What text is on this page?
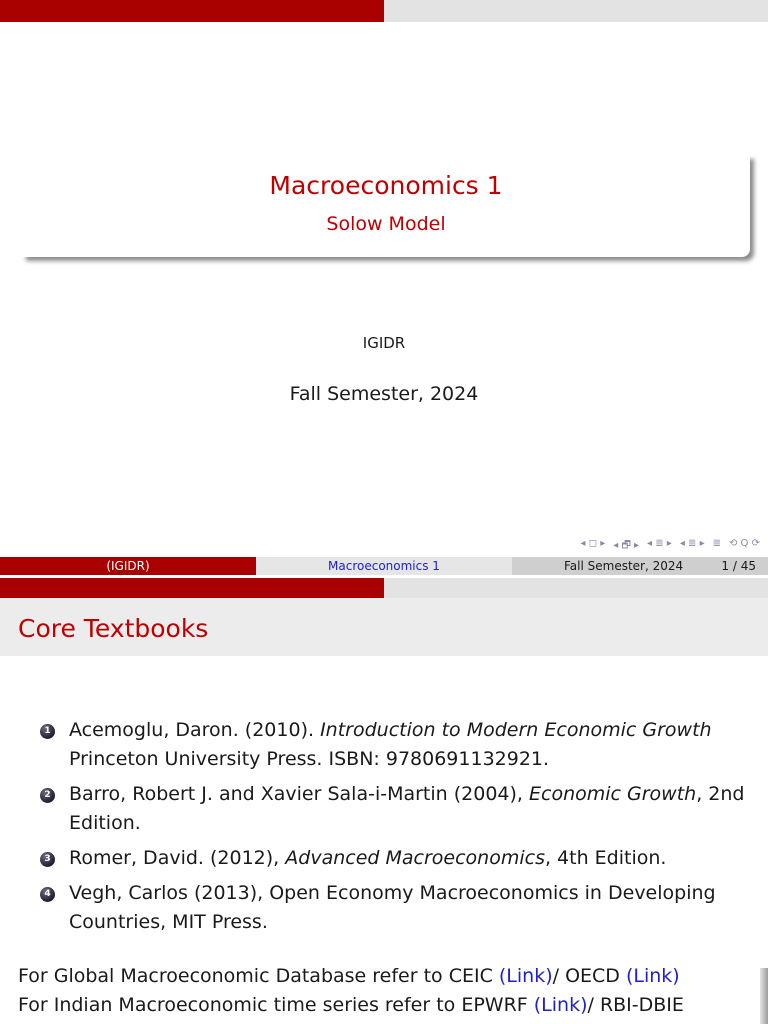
Macroeconomics 1
Solow Model
IGIDR
Fall Semester, 2024
◂ ◻ ▸ ◂ 🗗 ▸ ◂ ≣ ▸ ◂ ≣ ▸ ≣ ⟲ Q ⟳
(IGIDR)	Macroeconomics 1	Fall Semester, 2024	1 / 45
Core Textbooks
1 Acemoglu, Daron. (2010). Introduction to Modern Economic Growth Princeton University Press. ISBN: 9780691132921.
2 Barro, Robert J. and Xavier Sala-i-Martin (2004), Economic Growth, 2nd Edition.
3 Romer, David. (2012), Advanced Macroeconomics, 4th Edition.
4 Vegh, Carlos (2013), Open Economy Macroeconomics in Developing Countries, MIT Press.
For Global Macroeconomic Database refer to CEIC (Link)/ OECD (Link)
For Indian Macroeconomic time series refer to EPWRF (Link)/ RBI-DBIE
